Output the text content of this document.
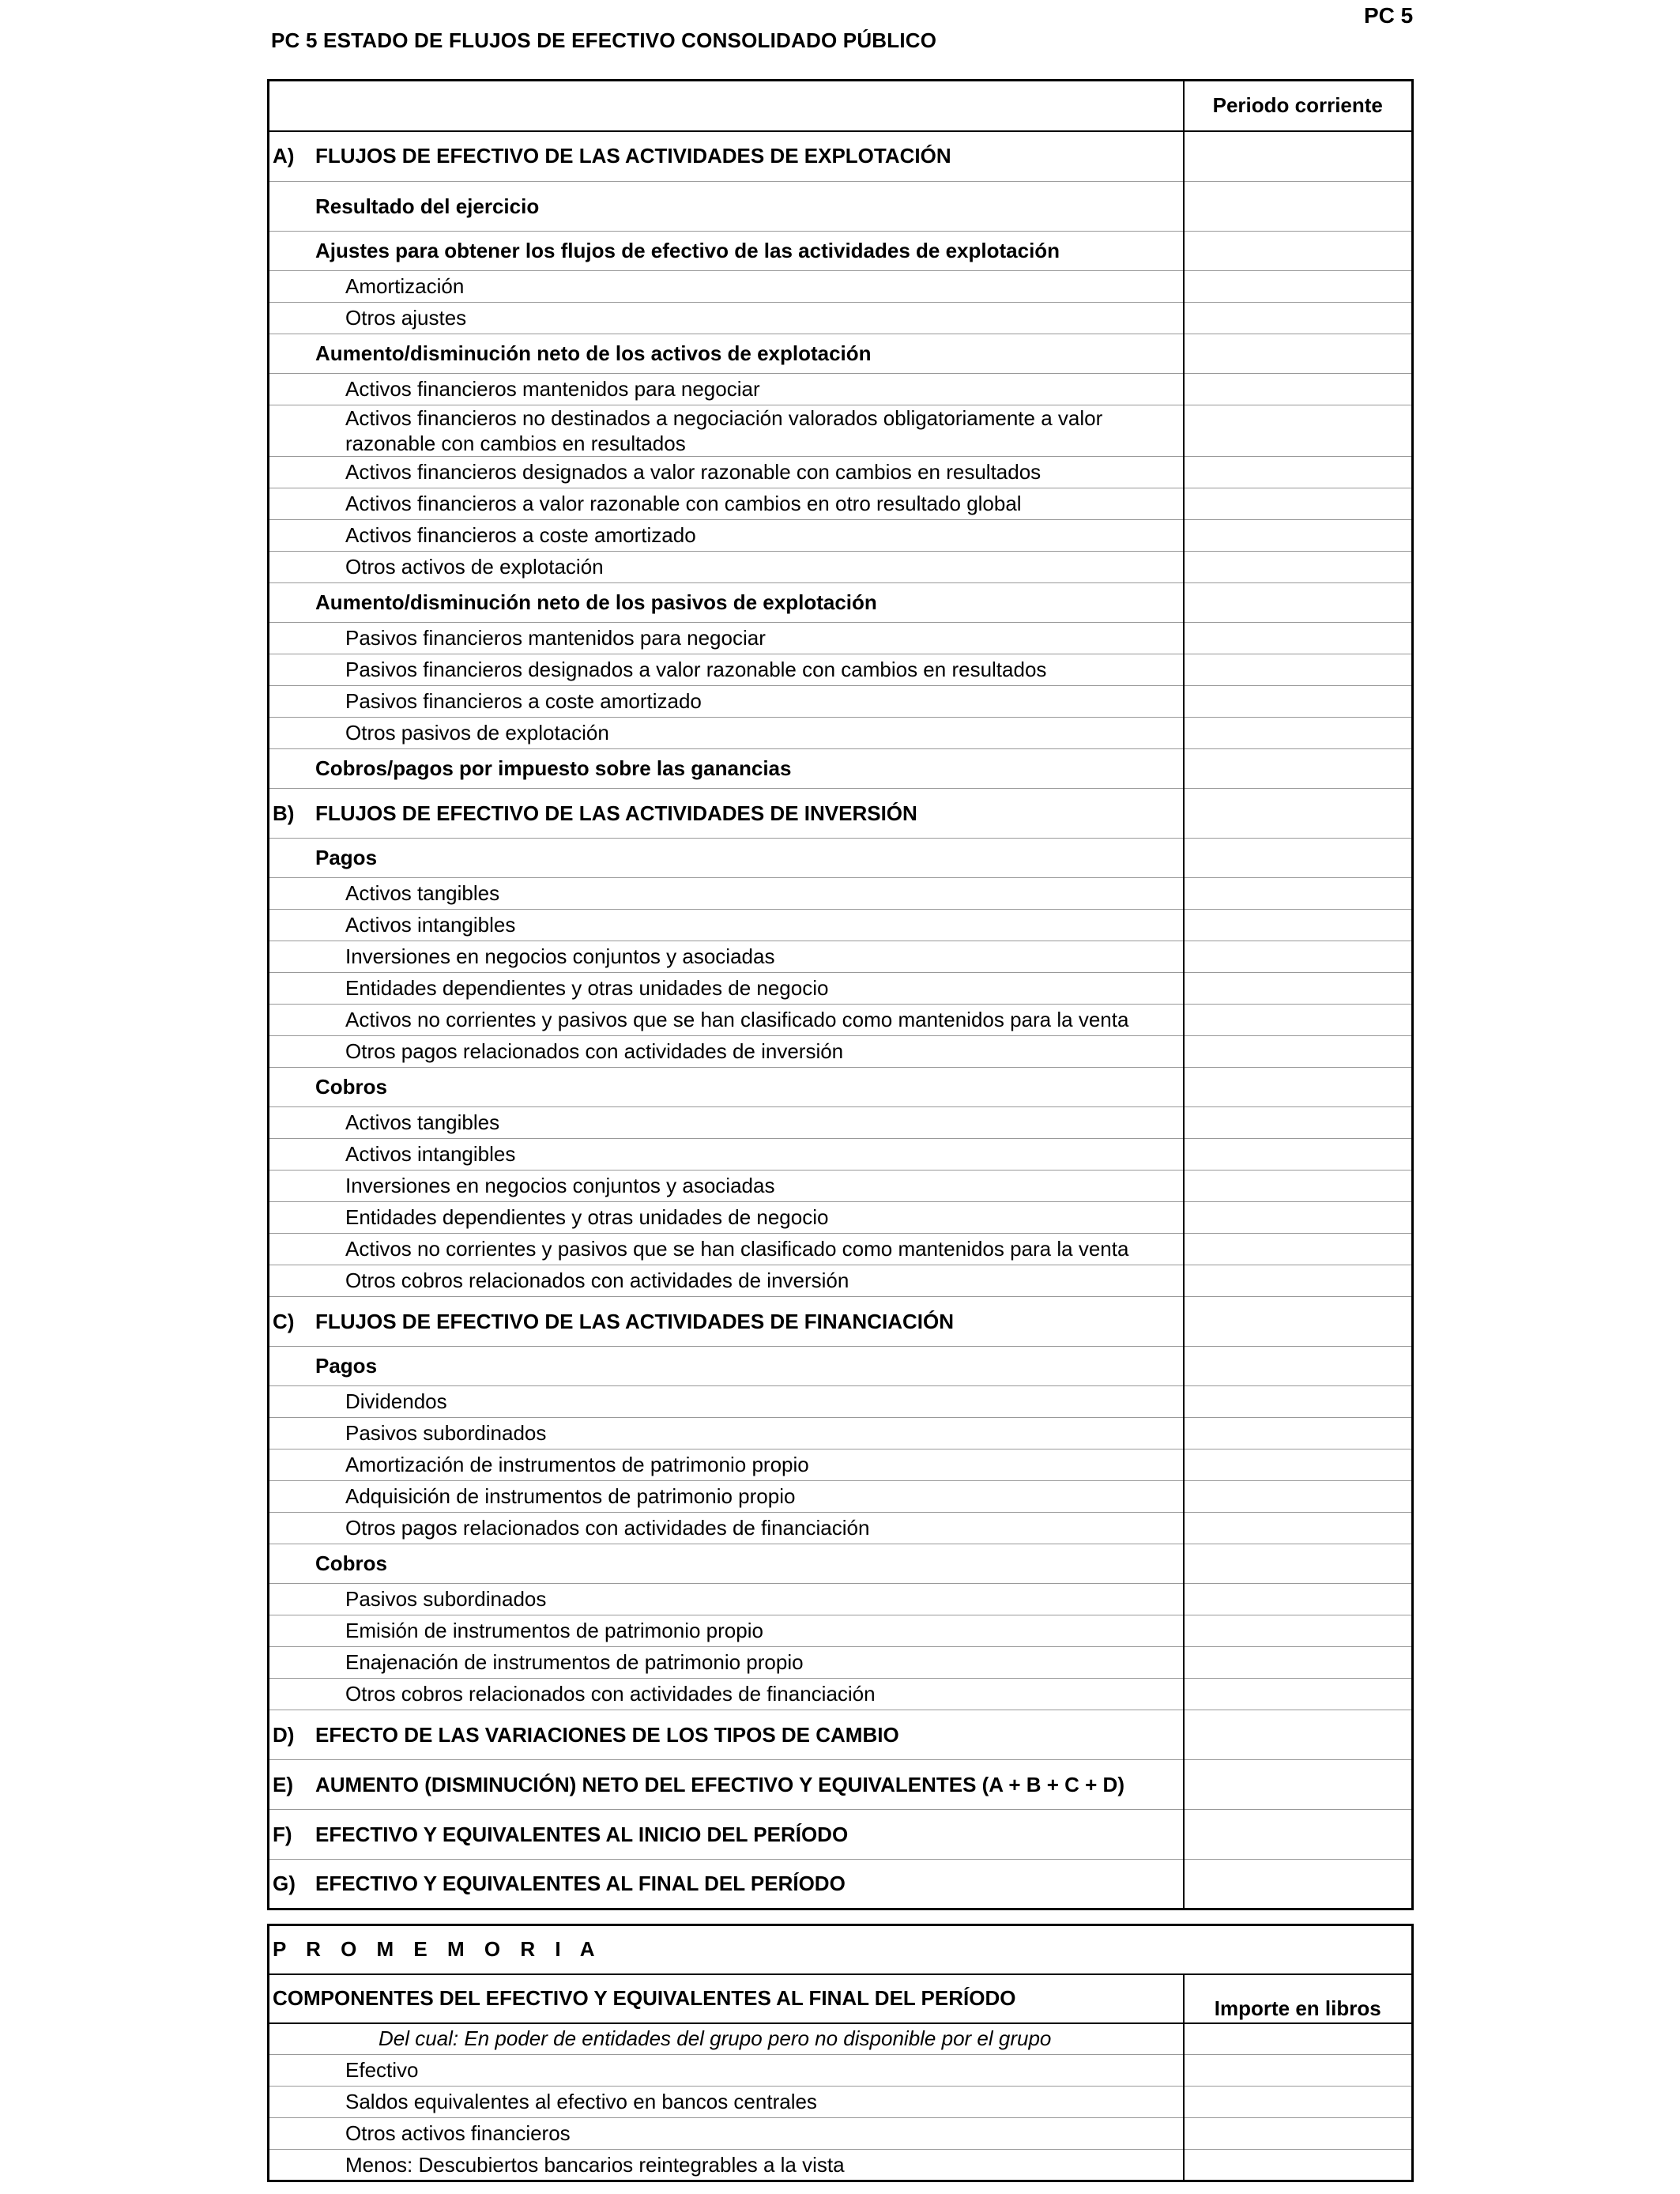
PC 5
PC 5 ESTADO DE FLUJOS DE EFECTIVO CONSOLIDADO PÚBLICO
	Periodo corriente

A) FLUJOS DE EFECTIVO DE LAS ACTIVIDADES DE EXPLOTACIÓN	

Resultado del ejercicio	

Ajustes para obtener los flujos de efectivo de las actividades de explotación	

Amortización	

Otros ajustes	

Aumento/disminución neto de los activos de explotación	

Activos financieros mantenidos para negociar	

Activos financieros no destinados a negociación valorados obligatoriamente a valor razonable con cambios en resultados	

Activos financieros designados a valor razonable con cambios en resultados	

Activos financieros a valor razonable con cambios en otro resultado global	

Activos financieros a coste amortizado	

Otros activos de explotación	

Aumento/disminución neto de los pasivos de explotación	

Pasivos financieros mantenidos para negociar	

Pasivos financieros designados a valor razonable con cambios en resultados	

Pasivos financieros a coste amortizado	

Otros pasivos de explotación	

Cobros/pagos por impuesto sobre las ganancias	

B) FLUJOS DE EFECTIVO DE LAS ACTIVIDADES DE INVERSIÓN	

Pagos	

Activos tangibles	

Activos intangibles	

Inversiones en negocios conjuntos y asociadas	

Entidades dependientes y otras unidades de negocio	

Activos no corrientes y pasivos que se han clasificado como mantenidos para la venta	

Otros pagos relacionados con actividades de inversión	

Cobros	

Activos tangibles	

Activos intangibles	

Inversiones en negocios conjuntos y asociadas	

Entidades dependientes y otras unidades de negocio	

Activos no corrientes y pasivos que se han clasificado como mantenidos para la venta	

Otros cobros relacionados con actividades de inversión	

C) FLUJOS DE EFECTIVO DE LAS ACTIVIDADES DE FINANCIACIÓN	

Pagos	

Dividendos	

Pasivos subordinados	

Amortización de instrumentos de patrimonio propio	

Adquisición de instrumentos de patrimonio propio	

Otros pagos relacionados con actividades de financiación	

Cobros	

Pasivos subordinados	

Emisión de instrumentos de patrimonio propio	

Enajenación de instrumentos de patrimonio propio	

Otros cobros relacionados con actividades de financiación	

D) EFECTO DE LAS VARIACIONES DE LOS TIPOS DE CAMBIO	

E) AUMENTO (DISMINUCIÓN) NETO DEL EFECTIVO Y EQUIVALENTES (A + B + C + D)	

F) EFECTIVO Y EQUIVALENTES AL INICIO DEL PERÍODO	

G) EFECTIVO Y EQUIVALENTES AL FINAL DEL PERÍODO	

P R O M E M O R I A	

COMPONENTES DEL EFECTIVO Y EQUIVALENTES AL FINAL DEL PERÍODO	Importe en libros

Del cual: En poder de entidades del grupo pero no disponible por el grupo	

Efectivo	

Saldos equivalentes al efectivo en bancos centrales	

Otros activos financieros	

Menos: Descubiertos bancarios reintegrables a la vista	
